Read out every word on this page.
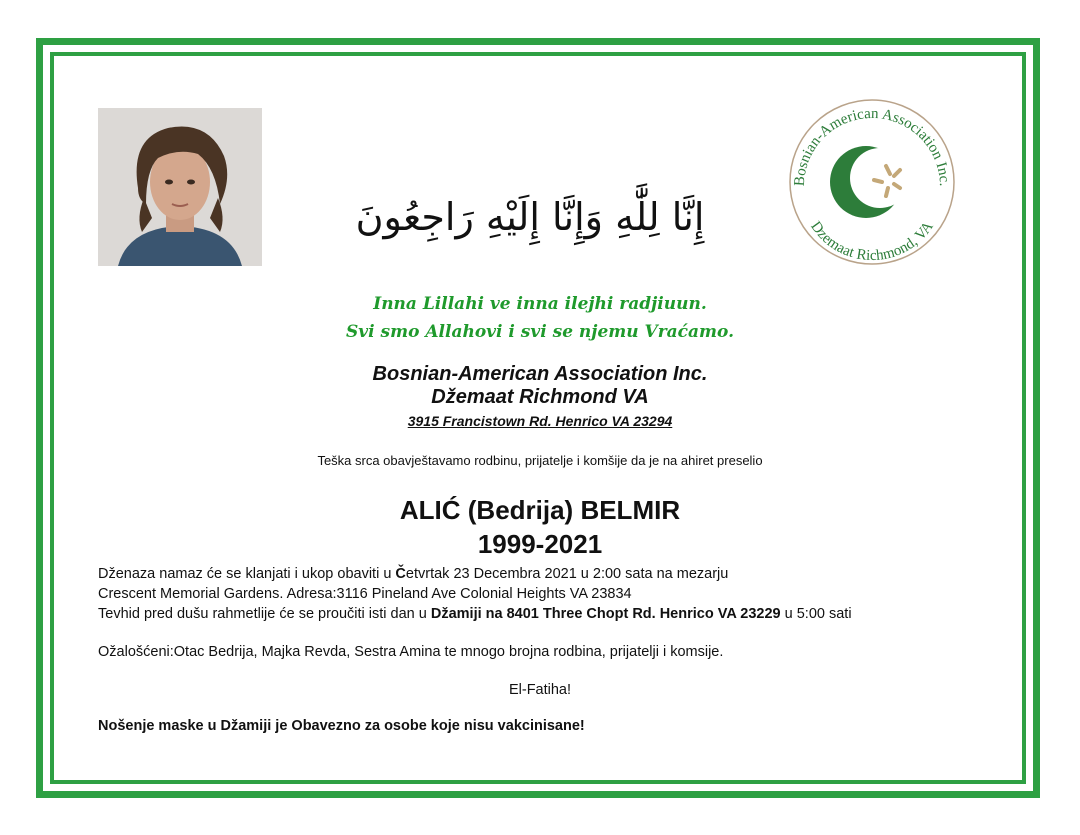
إِنَّا لِلَّٰهِ وَإِنَّا إِلَيْهِ رَاجِعُونَ
Bosnian-American Association Inc.
Dzemaat Richmond, VA
Inna Lillahi ve inna ilejhi radjiuun.
Svi smo Allahovi i svi se njemu Vraćamo.
Bosnian-American Association Inc.
Džemaat Richmond VA
3915 Francistown Rd. Henrico VA 23294
Teška srca obavještavamo rodbinu, prijatelje i komšije da je na ahiret preselio
ALIĆ (Bedrija) BELMIR
1999-2021
Dženaza namaz će se klanjati i ukop obaviti u Četvrtak 23 Decembra 2021 u 2:00 sata na mezarju
Crescent Memorial Gardens. Adresa:3116 Pineland Ave Colonial Heights VA 23834
Tevhid pred dušu rahmetlije će se proučiti isti dan u Džamiji na 8401 Three Chopt Rd. Henrico VA 23229 u 5:00 sati
Ožalošćeni:Otac Bedrija, Majka Revda, Sestra Amina te mnogo brojna rodbina, prijatelji i komsije.
El-Fatiha!
Nošenje maske u Džamiji je Obavezno za osobe koje nisu vakcinisane!
